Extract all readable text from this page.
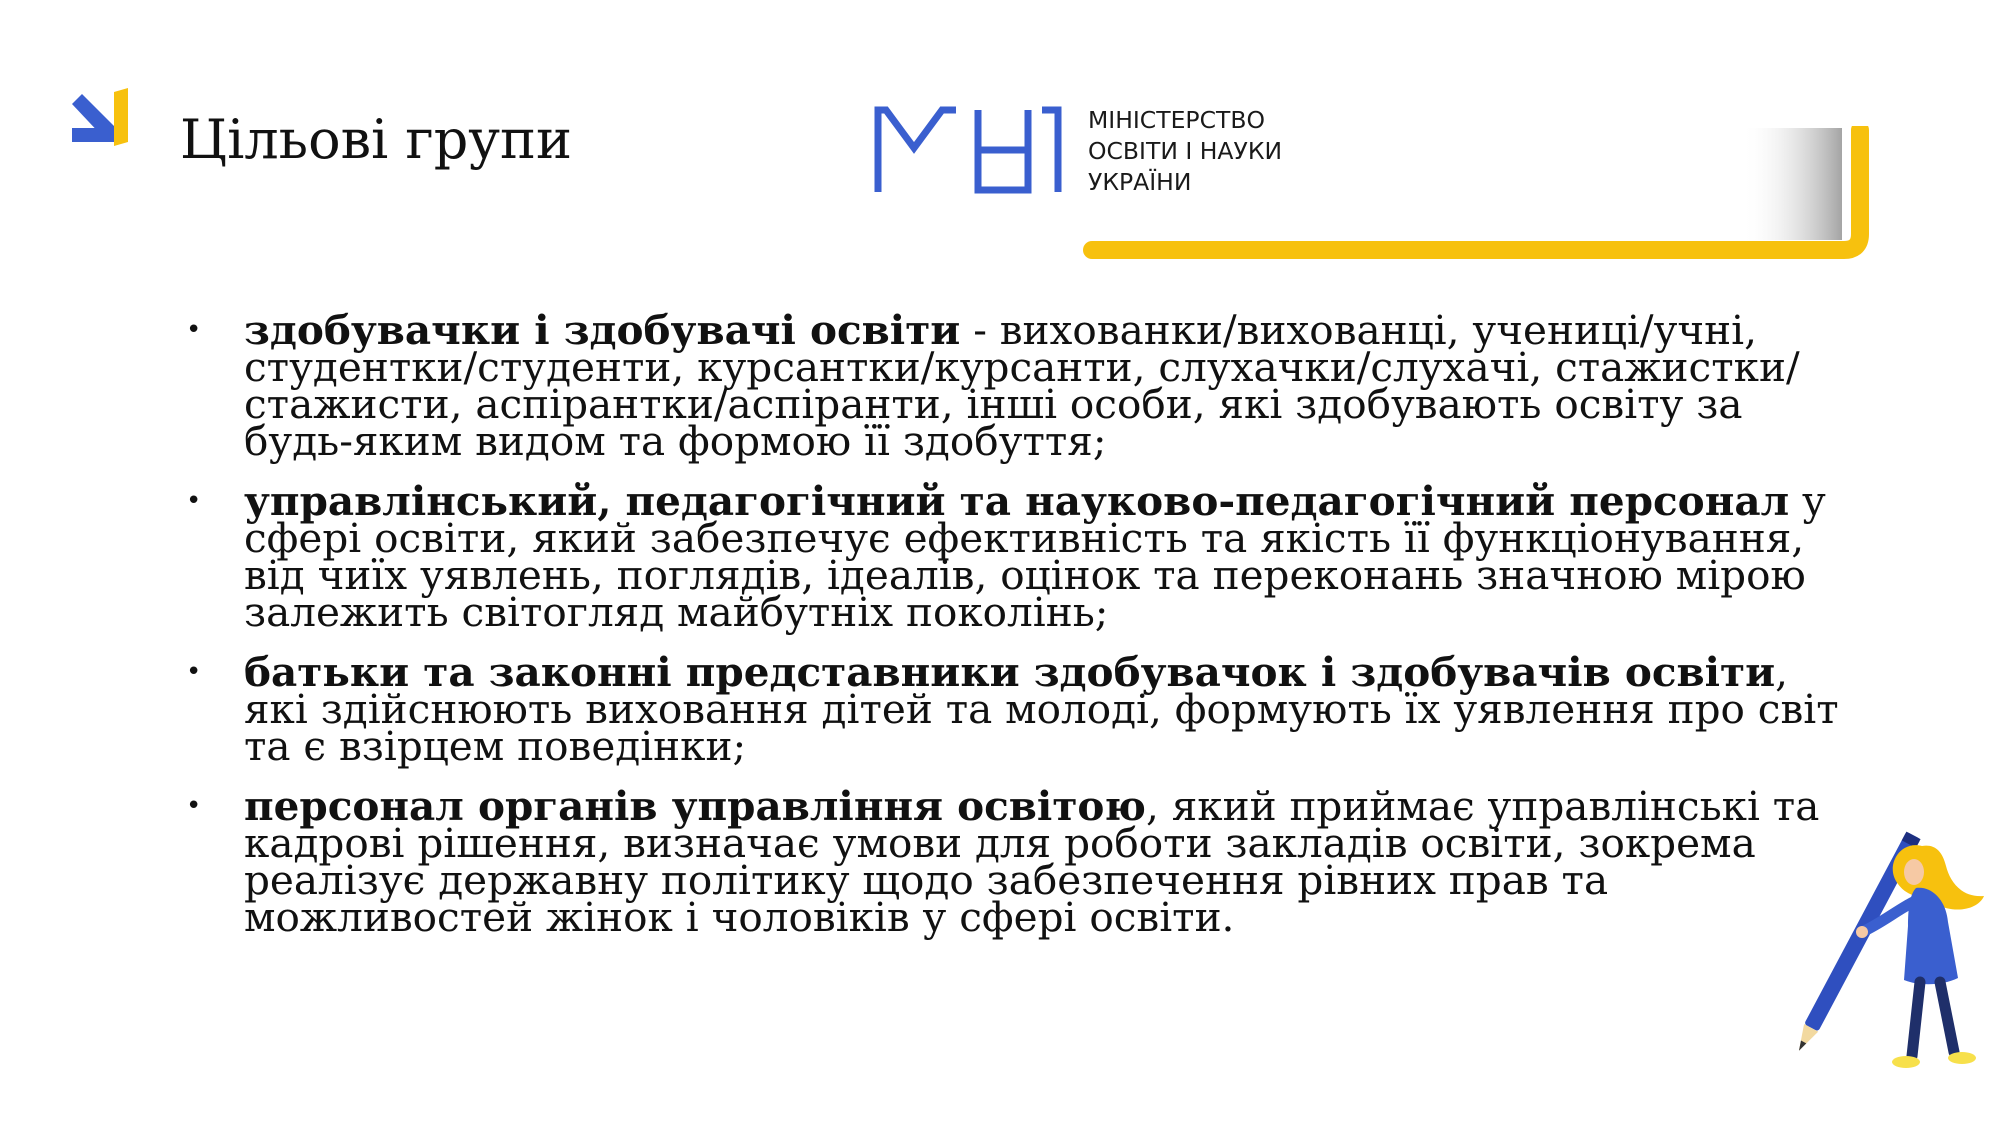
Цільові групи	МІНІСТЕРСТВО
ОСВІТИ І НАУКИ
УКРАЇНИ
• здобувачки і здобувачі освіти - вихованки/вихованці, учениці/учні, студентки/студенти, курсантки/курсанти, слухачки/слухачі, стажистки/стажисти, аспірантки/аспіранти, інші особи, які здобувають освіту за будь-яким видом та формою її здобуття;
• управлінський, педагогічний та науково-педагогічний персонал у сфері освіти, який забезпечує ефективність та якість її функціонування, від чиїх уявлень, поглядів, ідеалів, оцінок та переконань значною мірою залежить світогляд майбутніх поколінь;
• батьки та законні представники здобувачок і здобувачів освіти, які здійснюють виховання дітей та молоді, формують їх уявлення про світ та є взірцем поведінки;
• персонал органів управління освітою, який приймає управлінські та кадрові рішення, визначає умови для роботи закладів освіти, зокрема реалізує державну політику щодо забезпечення рівних прав та можливостей жінок і чоловіків у сфері освіти.
